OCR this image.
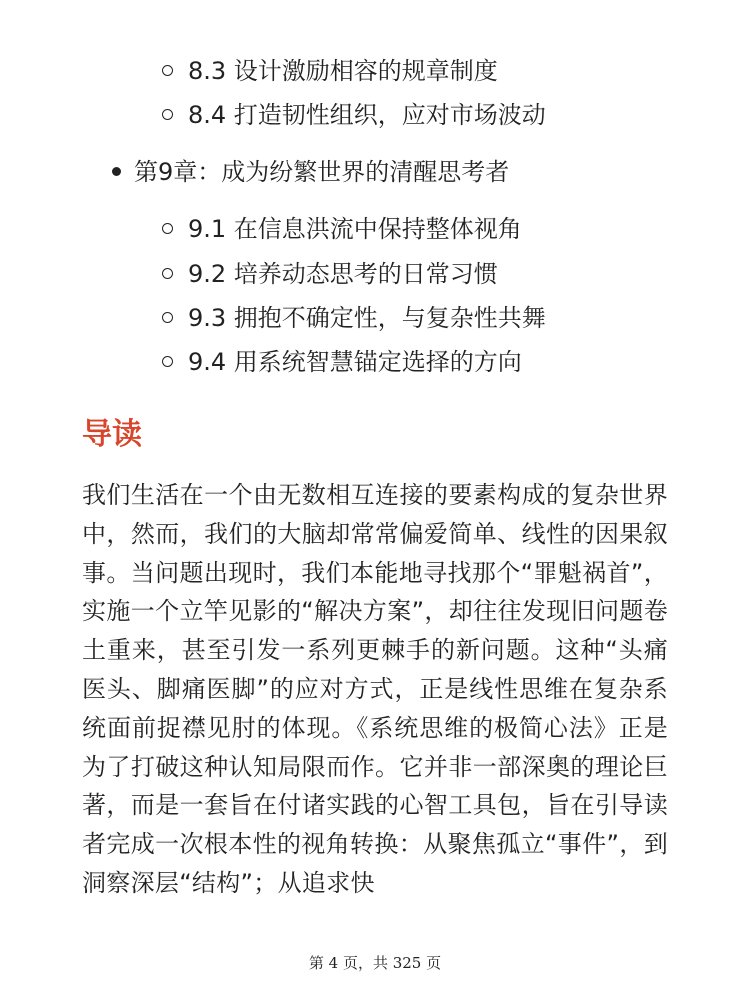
8.3 设计激励相容的规章制度
8.4 打造韧性组织，应对市场波动
第9章：成为纷繁世界的清醒思考者
9.1 在信息洪流中保持整体视角
9.2 培养动态思考的日常习惯
9.3 拥抱不确定性，与复杂性共舞
9.4 用系统智慧锚定选择的方向
导读

我们生活在一个由无数相互连接的要素构成的复杂世界中，然而，我们的大脑却常常偏爱简单、线性的因果叙事。当问题出现时，我们本能地寻找那个“罪魁祸首”，实施一个立竿见影的“解决方案”，却往往发现旧问题卷土重来，甚至引发一系列更棘手的新问题。这种“头痛医头、脚痛医脚”的应对方式，正是线性思维在复杂系统面前捉襟见肘的体现。《系统思维的极简心法》正是为了打破这种认知局限而作。它并非一部深奥的理论巨著，而是一套旨在付诸实践的心智工具包，旨在引导读者完成一次根本性的视角转换：从聚焦孤立“事件”，到洞察深层“结构”；从追求快

第 4 页，共 325 页
